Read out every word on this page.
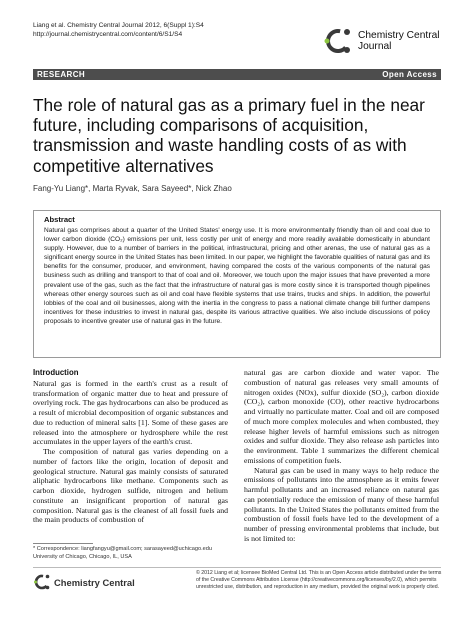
Liang et al. Chemistry Central Journal 2012, 6(Suppl 1):S4
http://journal.chemistrycentral.com/content/6/S1/S4	Chemistry Central
Journal
RESEARCH	Open Access
The role of natural gas as a primary fuel in the near future, including comparisons of acquisition, transmission and waste handling costs of as with competitive alternatives
Fang-Yu Liang*, Marta Ryvak, Sara Sayeed*, Nick Zhao
Abstract
Natural gas comprises about a quarter of the United States' energy use. It is more environmentally friendly than oil and coal due to lower carbon dioxide (CO₂) emissions per unit, less costly per unit of energy and more readily available domestically in abundant supply. However, due to a number of barriers in the political, infrastructural, pricing and other arenas, the use of natural gas as a significant energy source in the United States has been limited. In our paper, we highlight the favorable qualities of natural gas and its benefits for the consumer, producer, and environment, having compared the costs of the various components of the natural gas business such as drilling and transport to that of coal and oil. Moreover, we touch upon the major issues that have prevented a more prevalent use of the gas, such as the fact that the infrastructure of natural gas is more costly since it is transported though pipelines whereas other energy sources such as oil and coal have flexible systems that use trains, trucks and ships. In addition, the powerful lobbies of the coal and oil businesses, along with the inertia in the congress to pass a national climate change bill further dampens incentives for these industries to invest in natural gas, despite its various attractive qualities. We also include discussions of policy proposals to incentive greater use of natural gas in the future.
Introduction

Natural gas is formed in the earth's crust as a result of transformation of organic matter due to heat and pressure of overlying rock. The gas hydrocarbons can also be produced as a result of microbial decomposition of organic substances and due to reduction of mineral salts [1]. Some of these gases are released into the atmosphere or hydrosphere while the rest accumulates in the upper layers of the earth's crust.

The composition of natural gas varies depending on a number of factors like the origin, location of deposit and geological structure. Natural gas mainly consists of saturated aliphatic hydrocarbons like methane. Components such as carbon dioxide, hydrogen sulfide, nitrogen and helium constitute an insignificant proportion of natural gas composition. Natural gas is the cleanest of all fossil fuels and the main products of combustion of

natural gas are carbon dioxide and water vapor. The combustion of natural gas releases very small amounts of nitrogen oxides (NOx), sulfur dioxide (SO₂), carbon dioxide (CO₂), carbon monoxide (CO), other reactive hydrocarbons and virtually no particulate matter. Coal and oil are composed of much more complex molecules and when combusted, they release higher levels of harmful emissions such as nitrogen oxides and sulfur dioxide. They also release ash particles into the environment. Table 1 summarizes the different chemical emissions of competition fuels.

Natural gas can be used in many ways to help reduce the emissions of pollutants into the atmosphere as it emits fewer harmful pollutants and an increased reliance on natural gas can potentially reduce the emission of many of these harmful pollutants. In the United States the pollutants emitted from the combustion of fossil fuels have led to the development of a number of pressing environmental problems that include, but is not limited to:

* Correspondence: liangfangyu@gmail.com; sarasayeed@uchicago.edu
University of Chicago, Chicago, IL, USA
Chemistry Central
© 2012 Liang et al; licensee BioMed Central Ltd. This is an Open Access article distributed under the terms of the Creative Commons Attribution License (http://creativecommons.org/licenses/by/2.0), which permits unrestricted use, distribution, and reproduction in any medium, provided the original work is properly cited.
